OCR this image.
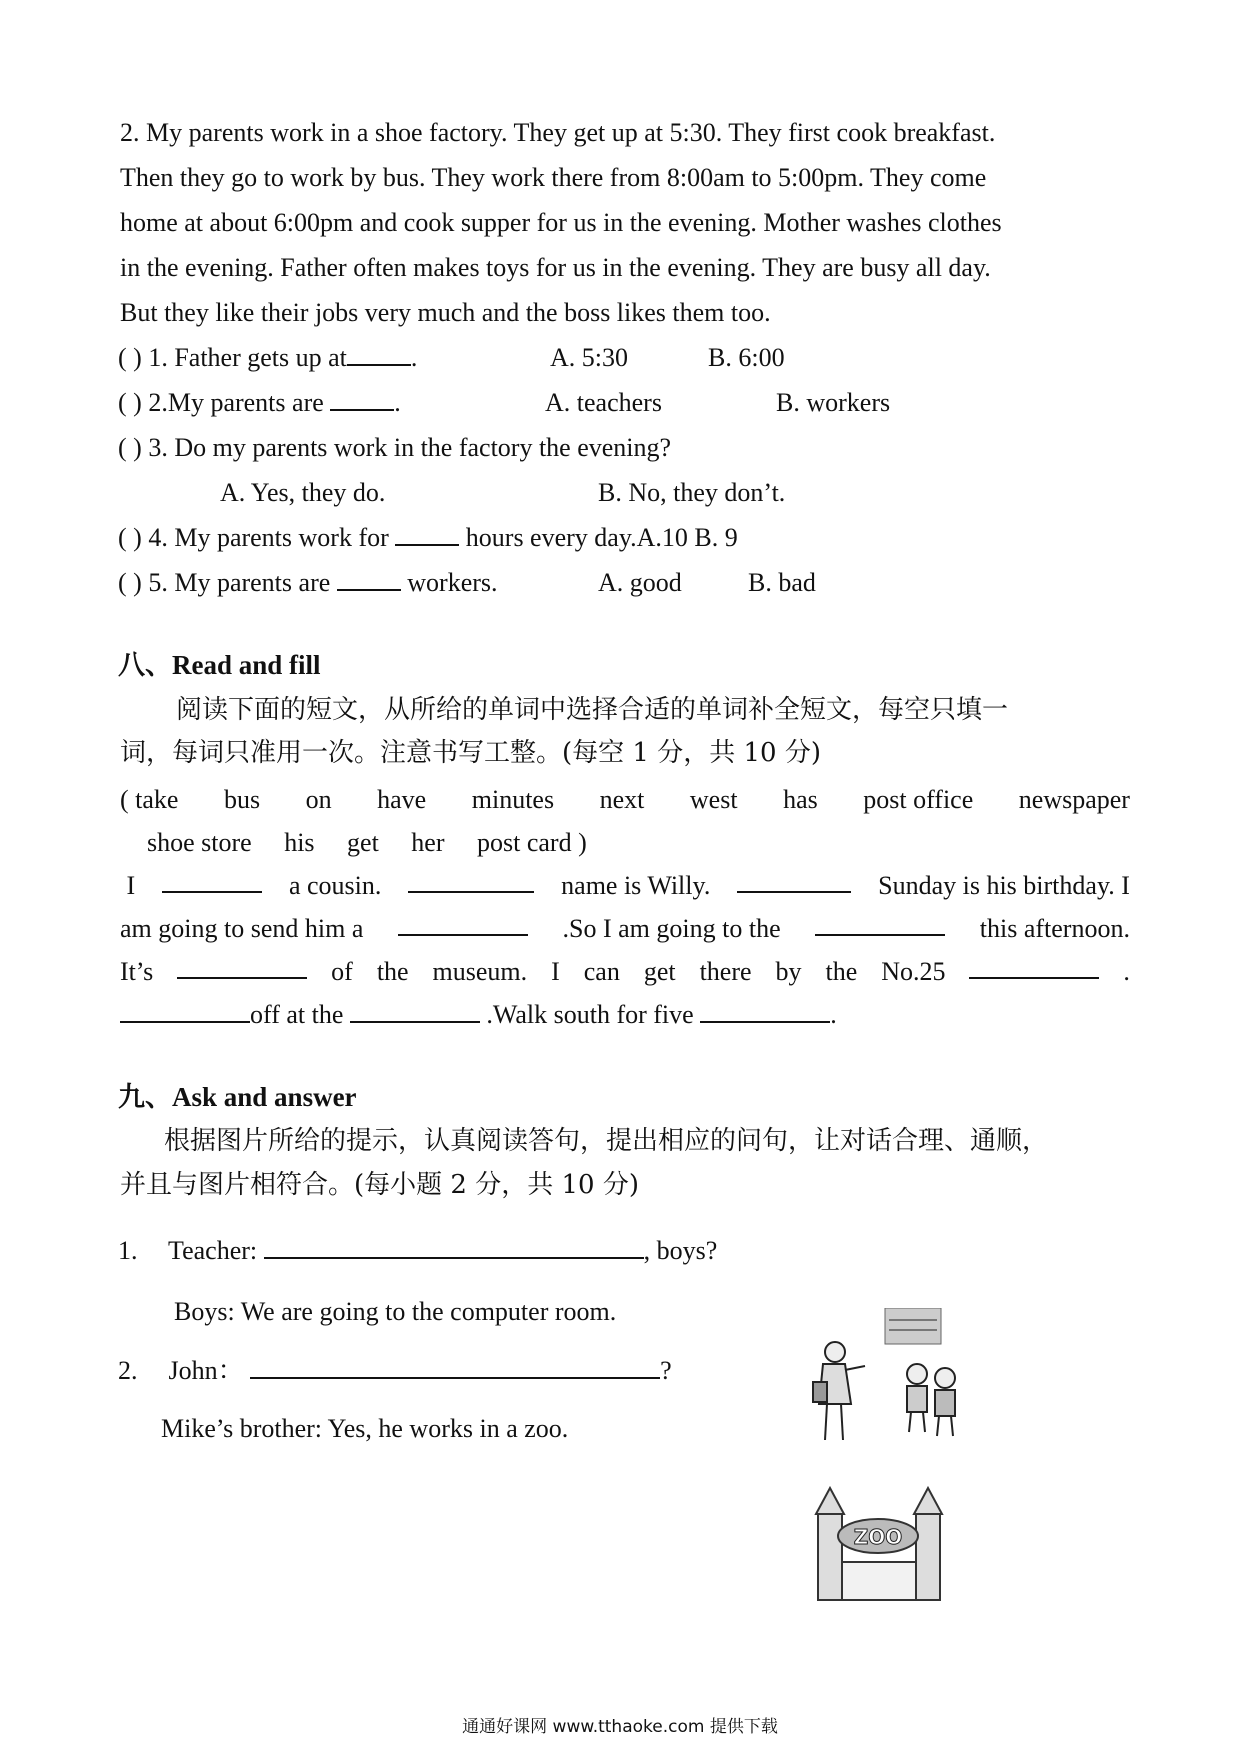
2. My parents work in a shoe factory. They get up at 5:30. They first cook breakfast.
Then they go to work by bus. They work there from 8:00am to 5:00pm. They come
home at about 6:00pm and cook supper for us in the evening. Mother washes clothes
in the evening. Father often makes toys for us in the evening. They are busy all day.
But they like their jobs very much and the boss likes them too.
( ) 1. Father gets up at .	A. 5:30	B. 6:00
( ) 2.My parents are	.	A. teachers	B. workers
( ) 3. Do my parents work in the factory the evening?
A. Yes, they do.	B. No, they don’t.
( ) 4. My parents work for	hours every day.A.10 B. 9
( ) 5. My parents are	workers.	A. good	B. bad
八、Read and fill
阅读下面的短文，从所给的单词中选择合适的单词补全短文，每空只填一
词，每词只准用一次。注意书写工整。(每空 1 分，共 10 分)
( take bus on have minutes next west has post office newspaper
shoe store     his     get     her     post card )
I	a cousin.	name is Willy.	Sunday is his birthday. I
am going to send him a	.So I am going to the	this afternoon.
It’s	of the museum. I can get there by the No.25	.
off at the	.Walk south for five	.
九、Ask and answer
根据图片所给的提示，认真阅读答句，提出相应的问句，让对话合理、通顺，
并且与图片相符合。(每小题 2 分，共 10 分)
1. Teacher:	, boys?
Boys: We are going to the computer room.
2. John：	?
Mike’s brother: Yes, he works in a zoo.
ZOO
通通好课网 www.tthaoke.com 提供下载
